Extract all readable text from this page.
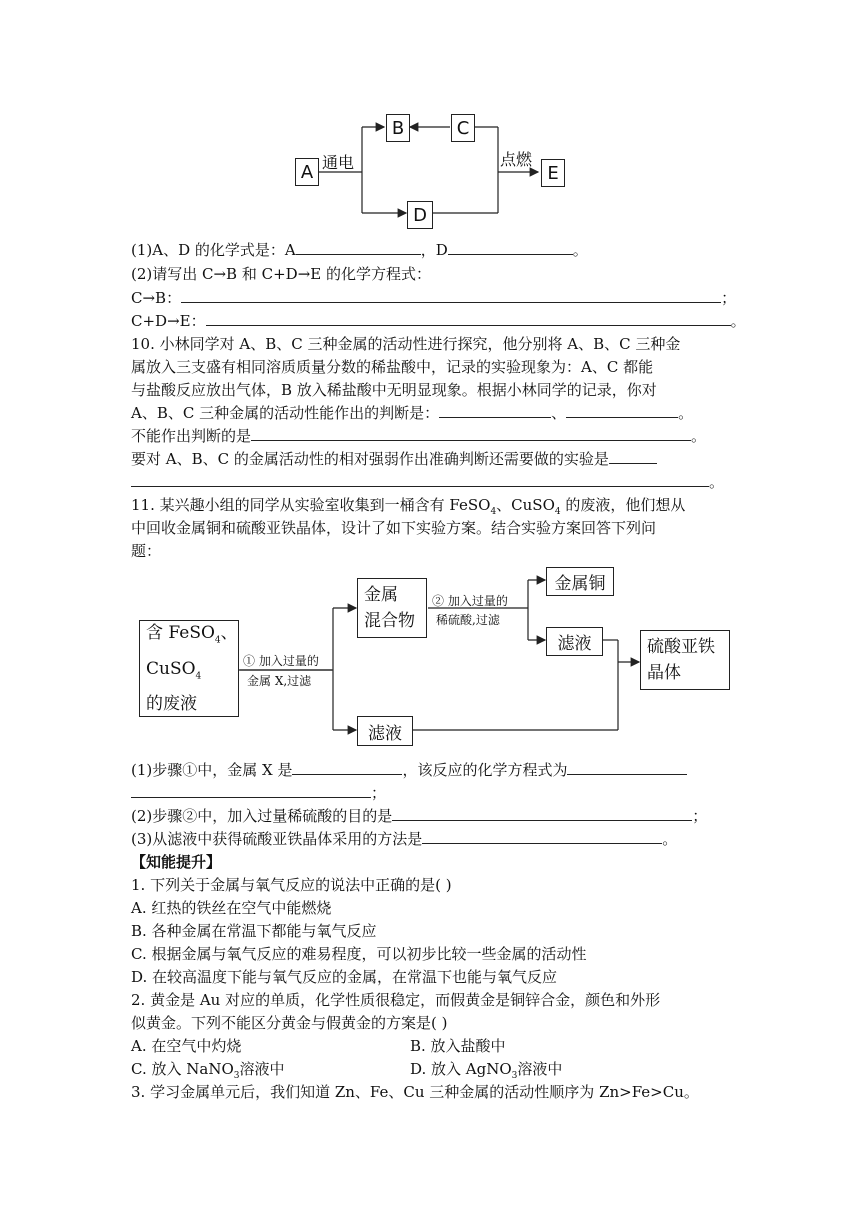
A
B	C
D
E
通电	点燃
(1)A、D 的化学式是：A	，D	。
(2)请写出 C→B 和 C+D→E 的化学方程式：
C→B：	；
C+D→E：	。
10. 小林同学对 A、B、C 三种金属的活动性进行探究，他分别将 A、B、C 三种金
属放入三支盛有相同溶质质量分数的稀盐酸中，记录的实验现象为：A、C 都能
与盐酸反应放出气体，B 放入稀盐酸中无明显现象。根据小林同学的记录，你对
A、B、C 三种金属的活动性能作出的判断是：	、	。
不能作出判断的是	。
要对 A、B、C 的金属活动性的相对强弱作出准确判断还需要做的实验是
。
11. 某兴趣小组的同学从实验室收集到一桶含有 FeSO$_4$、CuSO$_4$ 的废液，他们想从
中回收金属铜和硫酸亚铁晶体，设计了如下实验方案。结合实验方案回答下列问
题：
含 FeSO$_4$、
CuSO$_4$
的废液
金属
混合物
金属铜
滤液
滤液
硫酸亚铁
晶体
① 加入过量的
金属 X,过滤
② 加入过量的
稀硫酸,过滤
(1)步骤①中，金属 X 是	，该反应的化学方程式为
；
(2)步骤②中，加入过量稀硫酸的目的是	；
(3)从滤液中获得硫酸亚铁晶体采用的方法是	。
【知能提升】
1. 下列关于金属与氧气反应的说法中正确的是( )
A. 红热的铁丝在空气中能燃烧
B. 各种金属在常温下都能与氧气反应
C. 根据金属与氧气反应的难易程度，可以初步比较一些金属的活动性
D. 在较高温度下能与氧气反应的金属，在常温下也能与氧气反应
2. 黄金是 Au 对应的单质，化学性质很稳定，而假黄金是铜锌合金，颜色和外形
似黄金。下列不能区分黄金与假黄金的方案是( )
A. 在空气中灼烧	B. 放入盐酸中
C. 放入 NaNO$_3$溶液中	D. 放入 AgNO$_3$溶液中
3. 学习金属单元后，我们知道 Zn、Fe、Cu 三种金属的活动性顺序为 Zn>Fe>Cu。
